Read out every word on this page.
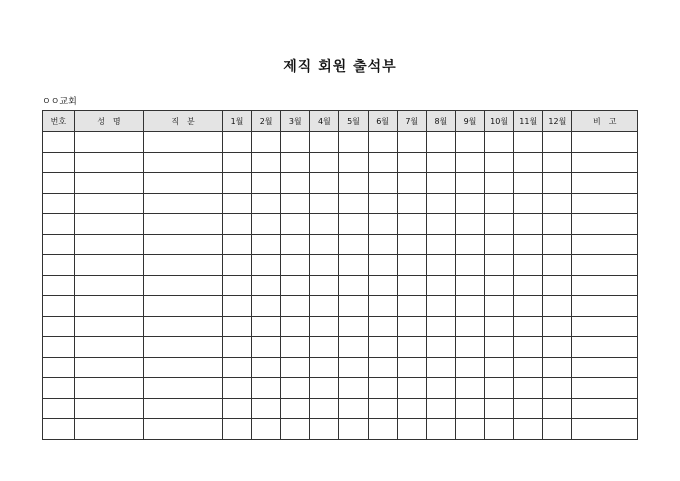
제직 회원 출석부
ㅇㅇ교회
번호	성　명	직　분	1월	2월	3월	4월	5월	6월	7월	8월	9월	10월	11월	12월	비　고
